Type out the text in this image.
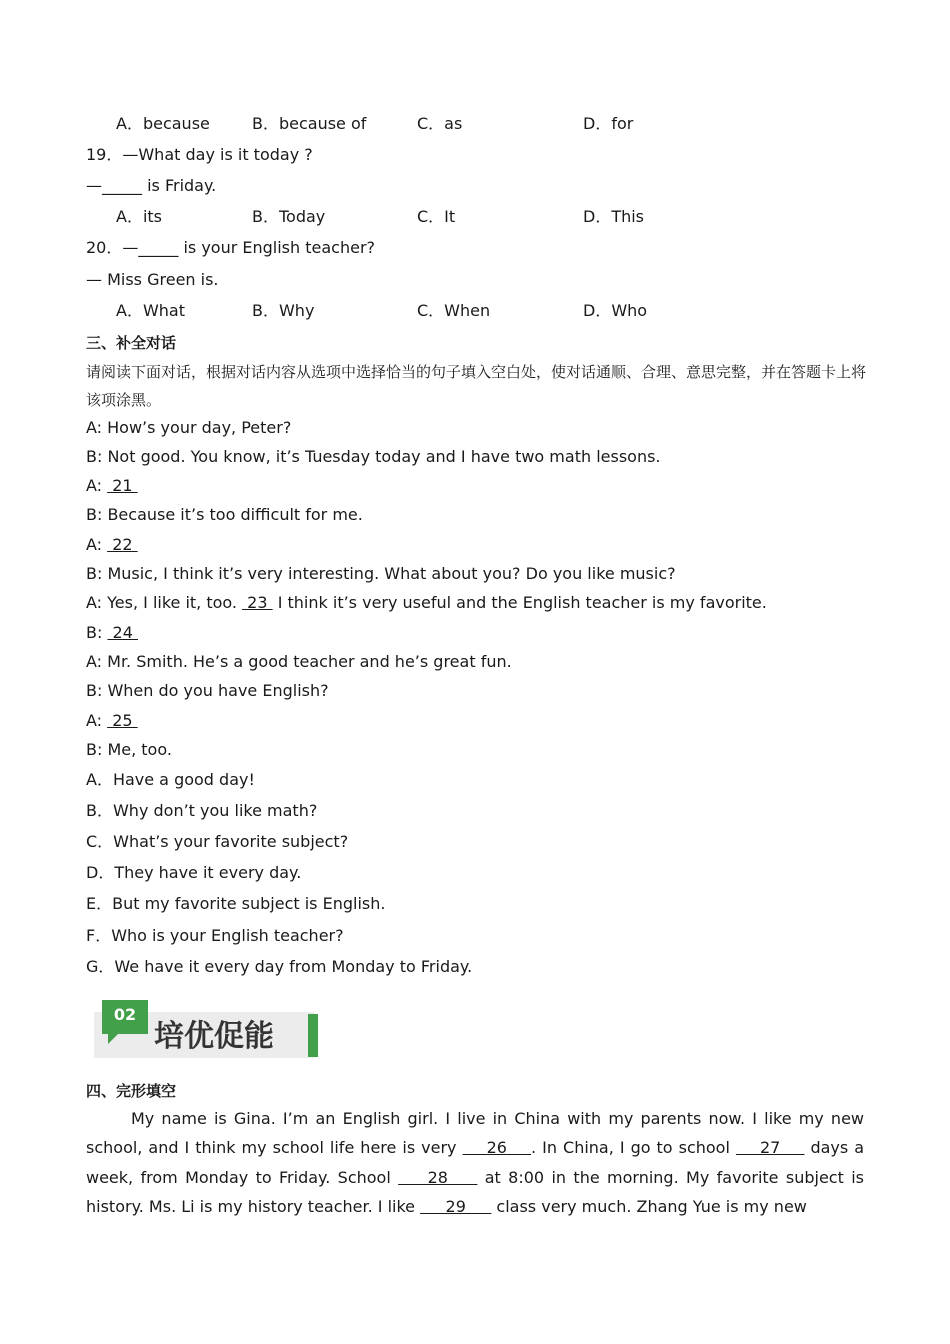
A．because	B．because of	C．as	D．for
19．—What day is it today ?
—_____ is Friday.
A．its	B．Today	C．It	D．This
20．—_____ is your English teacher?
— Miss Green is.
A．What	B．Why	C．When	D．Who
三、补全对话
请阅读下面对话，根据对话内容从选项中选择恰当的句子填入空白处，使对话通顺、合理、意思完整，并在答题卡上将该项涂黑。
A: How’s your day, Peter?
B: Not good. You know, it’s Tuesday today and I have two math lessons.
A:  21
B: Because it’s too difficult for me.
A:  22
B: Music, I think it’s very interesting. What about you? Do you like music?
A: Yes, I like it, too.  23  I think it’s very useful and the English teacher is my favorite.
B:  24
A: Mr. Smith. He’s a good teacher and he’s great fun.
B: When do you have English?
A:  25
B: Me, too.
A．Have a good day!
B．Why don’t you like math?
C．What’s your favorite subject?
D．They have it every day.
E．But my favorite subject is English.
F．Who is your English teacher?
G．We have it every day from Monday to Friday.
02
培优促能
四、完形填空
My name is Gina. I’m an English girl. I live in China with my parents now. I like my new school, and I think my school life here is very     26    . In China, I go to school     27     days a week, from Monday to Friday. School     28     at 8:00 in the morning. My favorite subject is history. Ms. Li is my history teacher. I like      29      class very much. Zhang Yue is my new
